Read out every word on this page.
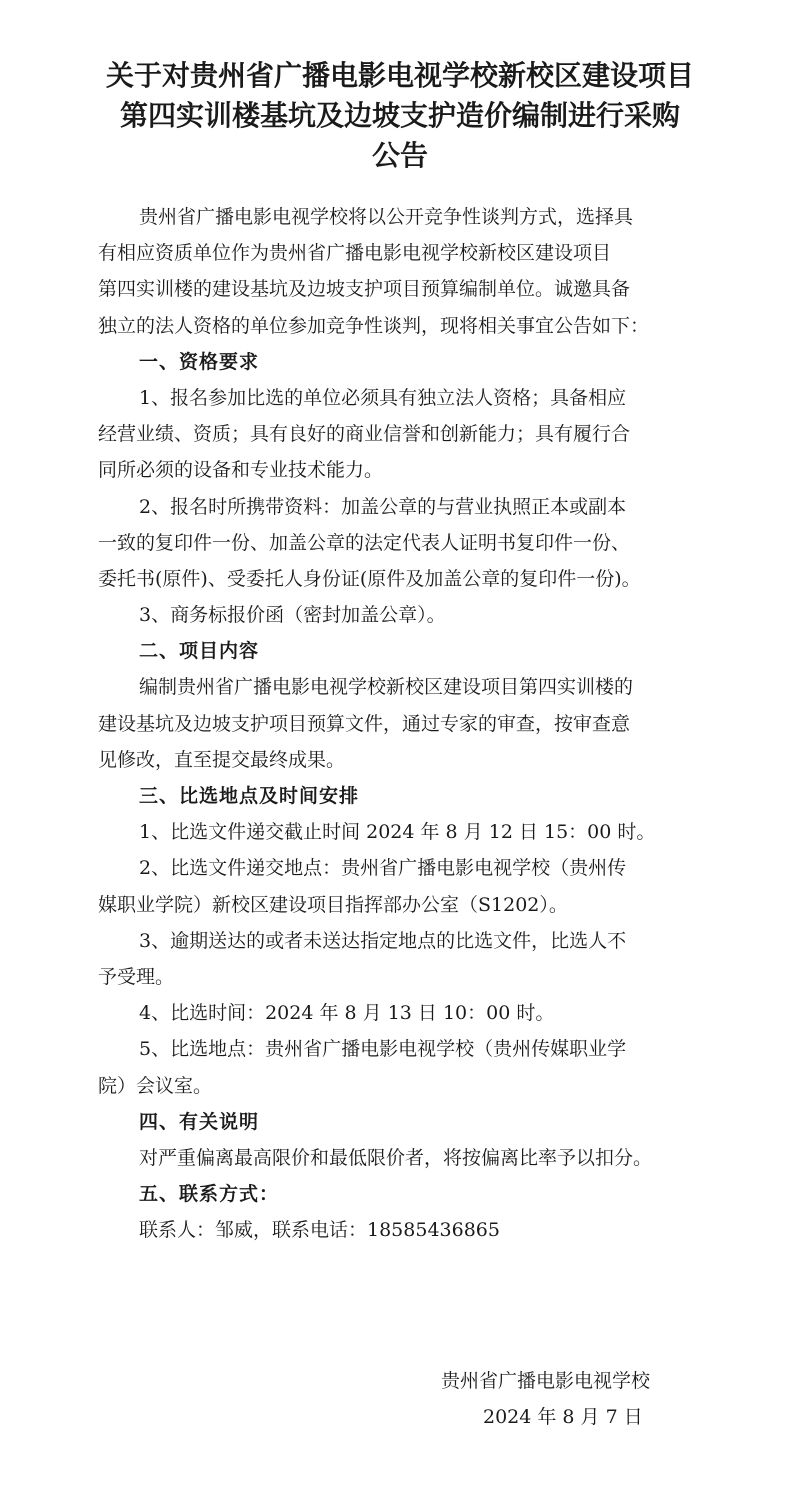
关于对贵州省广播电影电视学校新校区建设项目
第四实训楼基坑及边坡支护造价编制进行采购
公告
贵州省广播电影电视学校将以公开竞争性谈判方式，选择具
有相应资质单位作为贵州省广播电影电视学校新校区建设项目
第四实训楼的建设基坑及边坡支护项目预算编制单位。诚邀具备
独立的法人资格的单位参加竞争性谈判，现将相关事宜公告如下：
一、资格要求
1、报名参加比选的单位必须具有独立法人资格；具备相应
经营业绩、资质；具有良好的商业信誉和创新能力；具有履行合
同所必须的设备和专业技术能力。
2、报名时所携带资料：加盖公章的与营业执照正本或副本
一致的复印件一份、加盖公章的法定代表人证明书复印件一份、
委托书(原件)、受委托人身份证(原件及加盖公章的复印件一份)。
3、商务标报价函（密封加盖公章）。
二、项目内容
编制贵州省广播电影电视学校新校区建设项目第四实训楼的
建设基坑及边坡支护项目预算文件，通过专家的审查，按审查意
见修改，直至提交最终成果。
三、比选地点及时间安排
1、比选文件递交截止时间 2024 年 8 月 12 日 15：00 时。
2、比选文件递交地点：贵州省广播电影电视学校（贵州传
媒职业学院）新校区建设项目指挥部办公室（S1202）。
3、逾期送达的或者未送达指定地点的比选文件，比选人不
予受理。
4、比选时间：2024 年 8 月 13 日 10：00 时。
5、比选地点：贵州省广播电影电视学校（贵州传媒职业学
院）会议室。
四、有关说明
对严重偏离最高限价和最低限价者，将按偏离比率予以扣分。
五、联系方式：
联系人：邹威，联系电话：18585436865
贵州省广播电影电视学校
2024 年 8 月 7 日
